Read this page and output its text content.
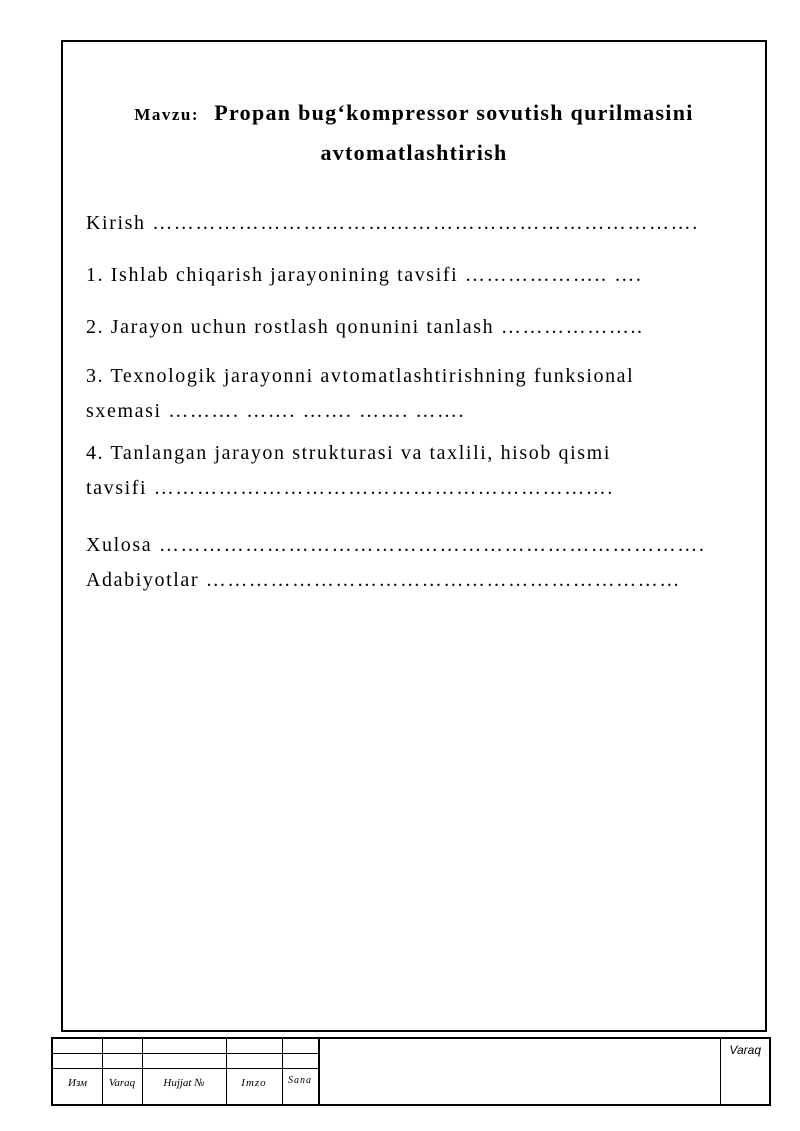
Mavzu: Propan bug‘kompressor sovutish qurilmasini
avtomatlashtirish
Kirish ………………………………………………………………….
1. Ishlab chiqarish jarayonining tavsifi ……………….. ….
2. Jarayon uchun rostlash qonunini tanlash ………………..
3. Texnologik jarayonni avtomatlashtirishning funksional
sxemasi ………. ……. ……. ……. …….
4. Tanlangan jarayon strukturasi va taxlili, hisob qismi
tavsifi ……………………………………………………….
Xulosa ………………………………………………………………….
Adabiyotlar …………………………………………………………
Изм	Varaq	Hujjat №	Imzo	Sana
Varaq
